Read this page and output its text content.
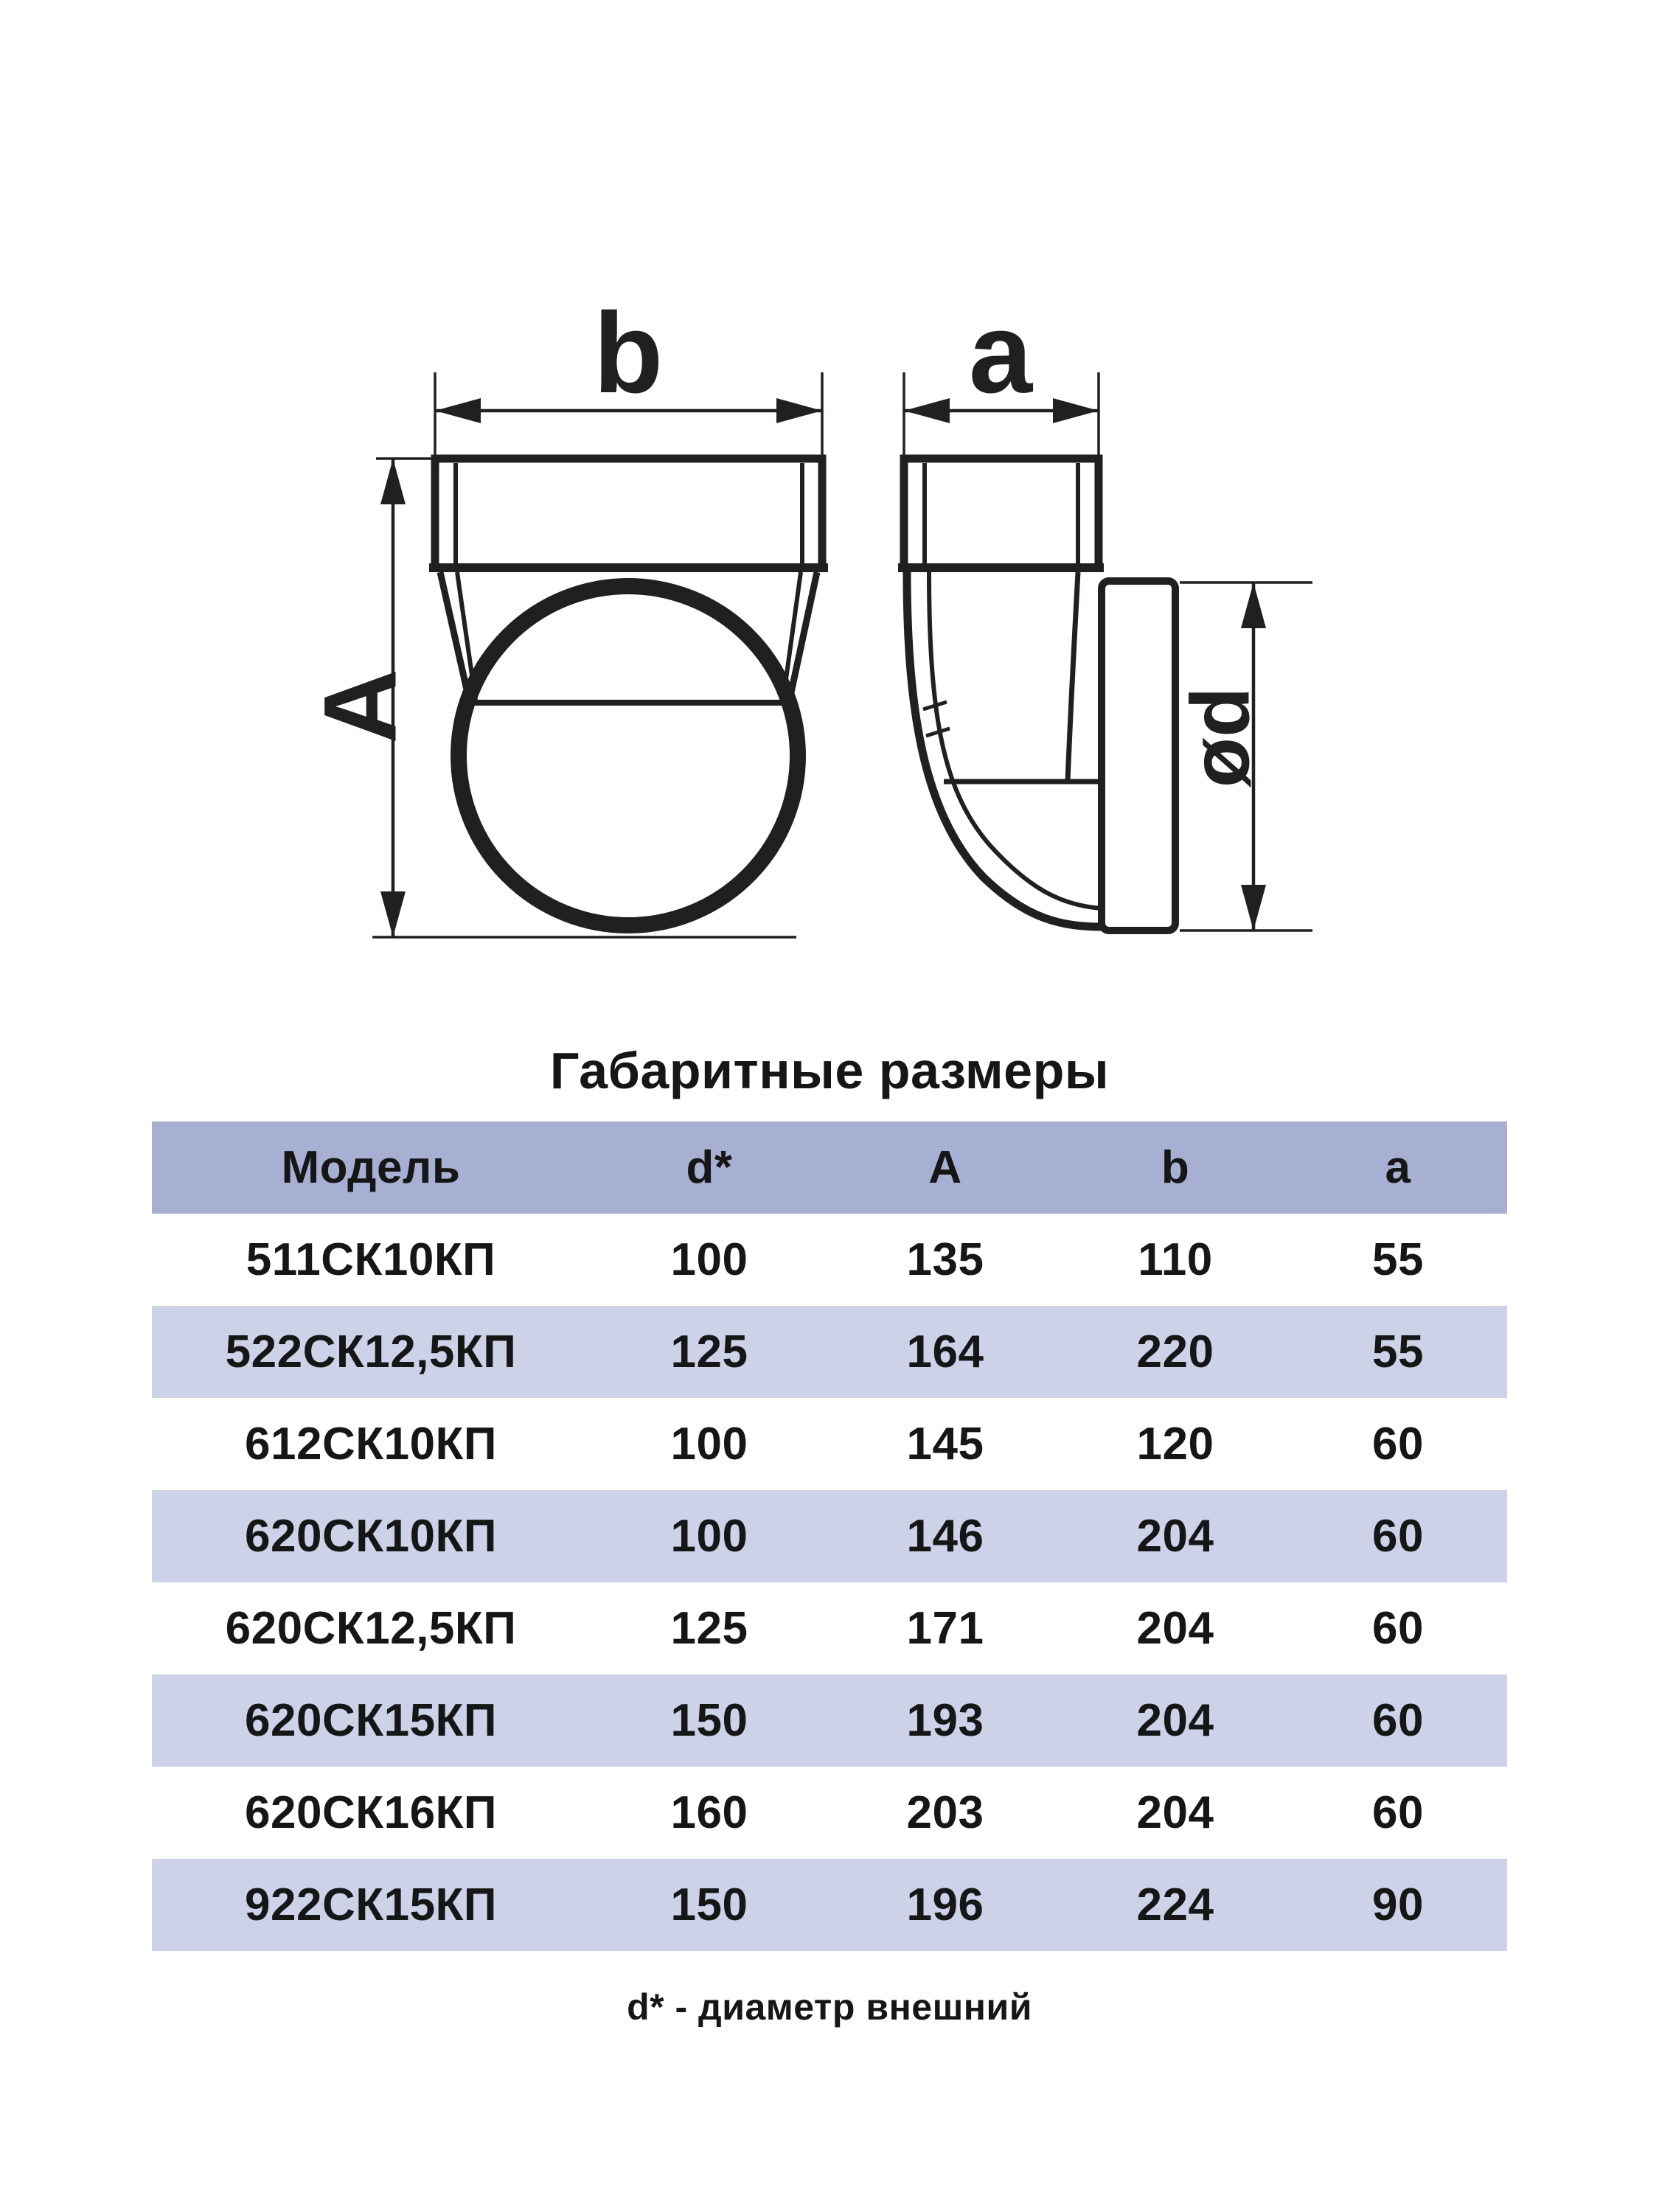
b	a
A	ød
Габаритные размеры
Модель	d*	A	b	a
511СК10КП	100	135	110	55
522СК12,5КП	125	164	220	55
612СК10КП	100	145	120	60
620СК10КП	100	146	204	60
620СК12,5КП	125	171	204	60
620СК15КП	150	193	204	60
620СК16КП	160	203	204	60
922СК15КП	150	196	224	90
d* - диаметр внешний
